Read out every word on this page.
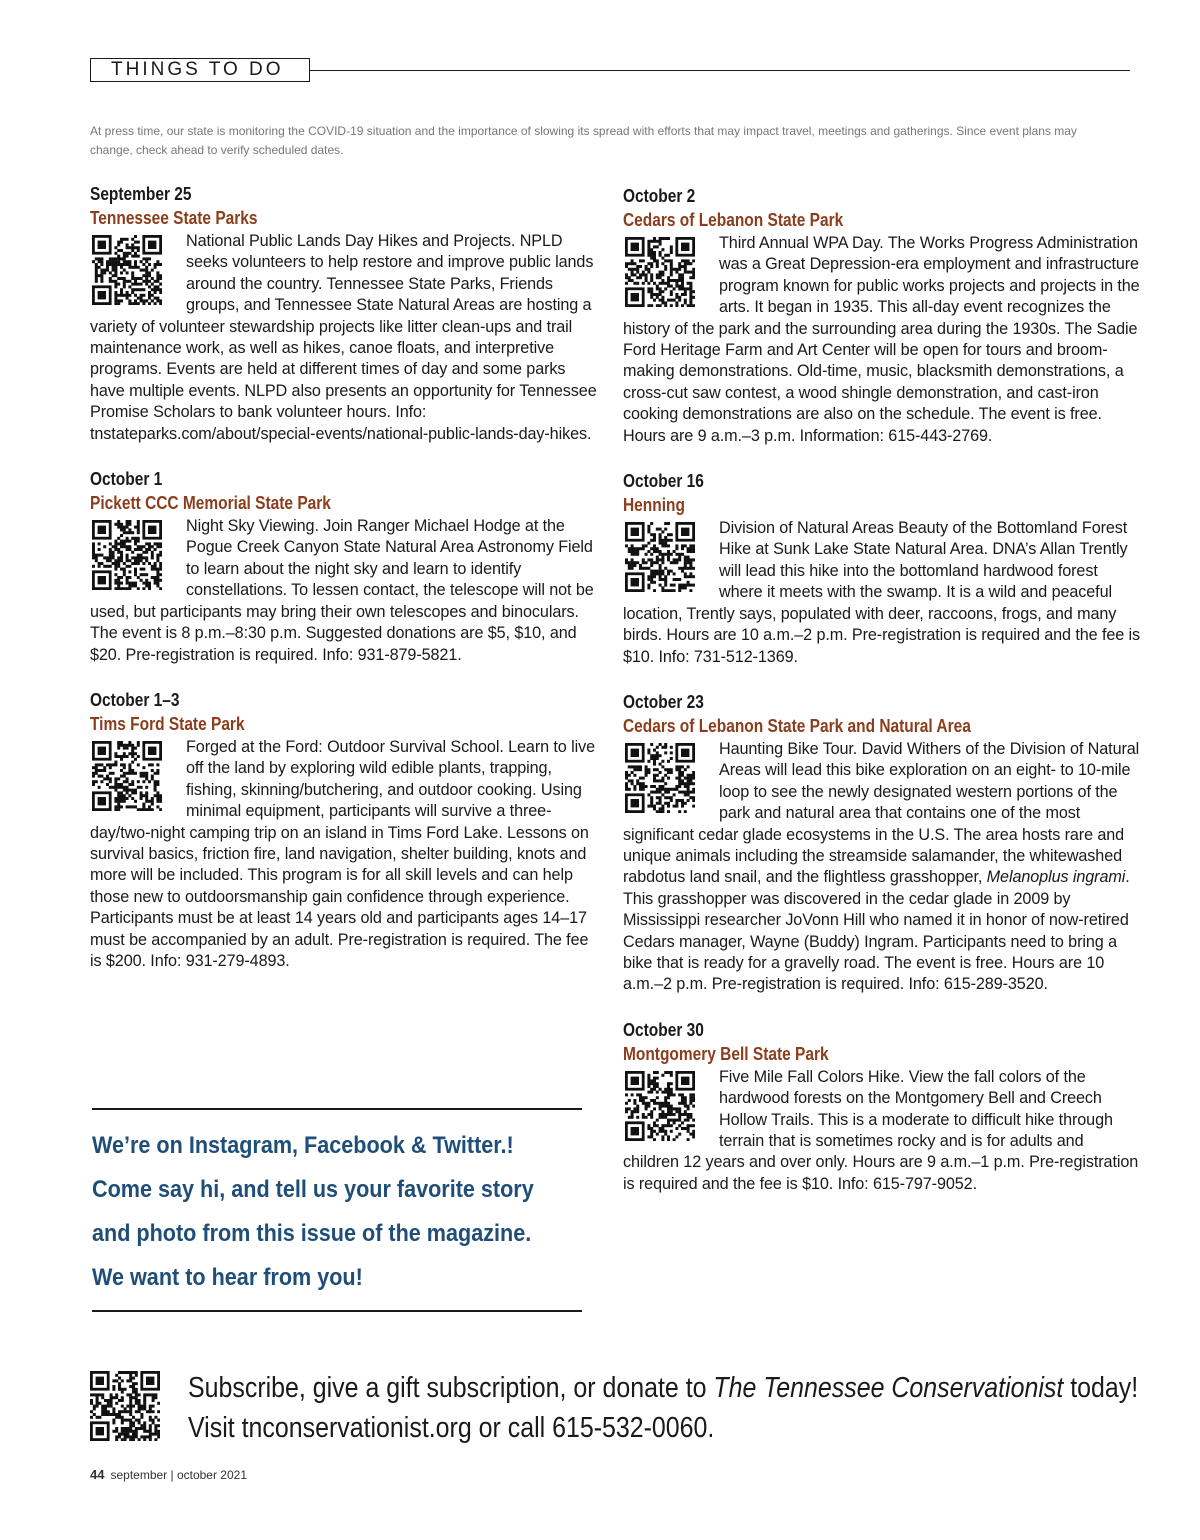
THINGS TO DO
At press time, our state is monitoring the COVID-19 situation and the importance of slowing its spread with efforts that may impact travel, meetings and gatherings. Since event plans may change, check ahead to verify scheduled dates.
September 25
Tennessee State Parks
National Public Lands Day Hikes and Projects. NPLD seeks volunteers to help restore and improve public lands around the country. Tennessee State Parks, Friends groups, and Tennessee State Natural Areas are hosting a variety of volunteer stewardship projects like litter clean-ups and trail maintenance work, as well as hikes, canoe floats, and interpretive programs. Events are held at different times of day and some parks have multiple events. NLPD also presents an opportunity for Tennessee Promise Scholars to bank volunteer hours. Info: tnstateparks.com/about/special-events/national-public-lands-day-hikes.
October 1
Pickett CCC Memorial State Park
Night Sky Viewing. Join Ranger Michael Hodge at the Pogue Creek Canyon State Natural Area Astronomy Field to learn about the night sky and learn to identify constellations. To lessen contact, the telescope will not be used, but participants may bring their own telescopes and binoculars. The event is 8 p.m.–8:30 p.m. Suggested donations are $5, $10, and $20. Pre-registration is required. Info: 931-879-5821.
October 1–3
Tims Ford State Park
Forged at the Ford: Outdoor Survival School. Learn to live off the land by exploring wild edible plants, trapping, fishing, skinning/butchering, and outdoor cooking. Using minimal equipment, participants will survive a three-day/two-night camping trip on an island in Tims Ford Lake. Lessons on survival basics, friction fire, land navigation, shelter building, knots and more will be included. This program is for all skill levels and can help those new to outdoorsmanship gain confidence through experience. Participants must be at least 14 years old and participants ages 14–17 must be accompanied by an adult. Pre-registration is required. The fee is $200. Info: 931-279-4893.
October 2
Cedars of Lebanon State Park
Third Annual WPA Day. The Works Progress Administration was a Great Depression-era employment and infrastructure program known for public works projects and projects in the arts. It began in 1935. This all-day event recognizes the history of the park and the surrounding area during the 1930s. The Sadie Ford Heritage Farm and Art Center will be open for tours and broom-making demonstrations. Old-time, music, blacksmith demonstrations, a cross-cut saw contest, a wood shingle demonstration, and cast-iron cooking demonstrations are also on the schedule. The event is free. Hours are 9 a.m.–3 p.m. Information: 615-443-2769.
October 16
Henning
Division of Natural Areas Beauty of the Bottomland Forest Hike at Sunk Lake State Natural Area. DNA’s Allan Trently will lead this hike into the bottomland hardwood forest where it meets with the swamp. It is a wild and peaceful location, Trently says, populated with deer, raccoons, frogs, and many birds. Hours are 10 a.m.–2 p.m. Pre-registration is required and the fee is $10. Info: 731-512-1369.
October 23
Cedars of Lebanon State Park and Natural Area
Haunting Bike Tour. David Withers of the Division of Natural Areas will lead this bike exploration on an eight- to 10-mile loop to see the newly designated western portions of the park and natural area that contains one of the most significant cedar glade ecosystems in the U.S. The area hosts rare and unique animals including the streamside salamander, the whitewashed rabdotus land snail, and the flightless grasshopper, Melanoplus ingrami. This grasshopper was discovered in the cedar glade in 2009 by Mississippi researcher JoVonn Hill who named it in honor of now-retired Cedars manager, Wayne (Buddy) Ingram. Participants need to bring a bike that is ready for a gravelly road. The event is free. Hours are 10 a.m.–2 p.m. Pre-registration is required. Info: 615-289-3520.
October 30
Montgomery Bell State Park
Five Mile Fall Colors Hike. View the fall colors of the hardwood forests on the Montgomery Bell and Creech Hollow Trails. This is a moderate to difficult hike through terrain that is sometimes rocky and is for adults and children 12 years and over only. Hours are 9 a.m.–1 p.m. Pre-registration is required and the fee is $10. Info: 615-797-9052.
We’re on Instagram, Facebook & Twitter.!
Come say hi, and tell us your favorite story
and photo from this issue of the magazine.
We want to hear from you!
Subscribe, give a gift subscription, or donate to The Tennessee Conservationist today!
Visit tnconservationist.org or call 615-532-0060.
44 september | october 2021
